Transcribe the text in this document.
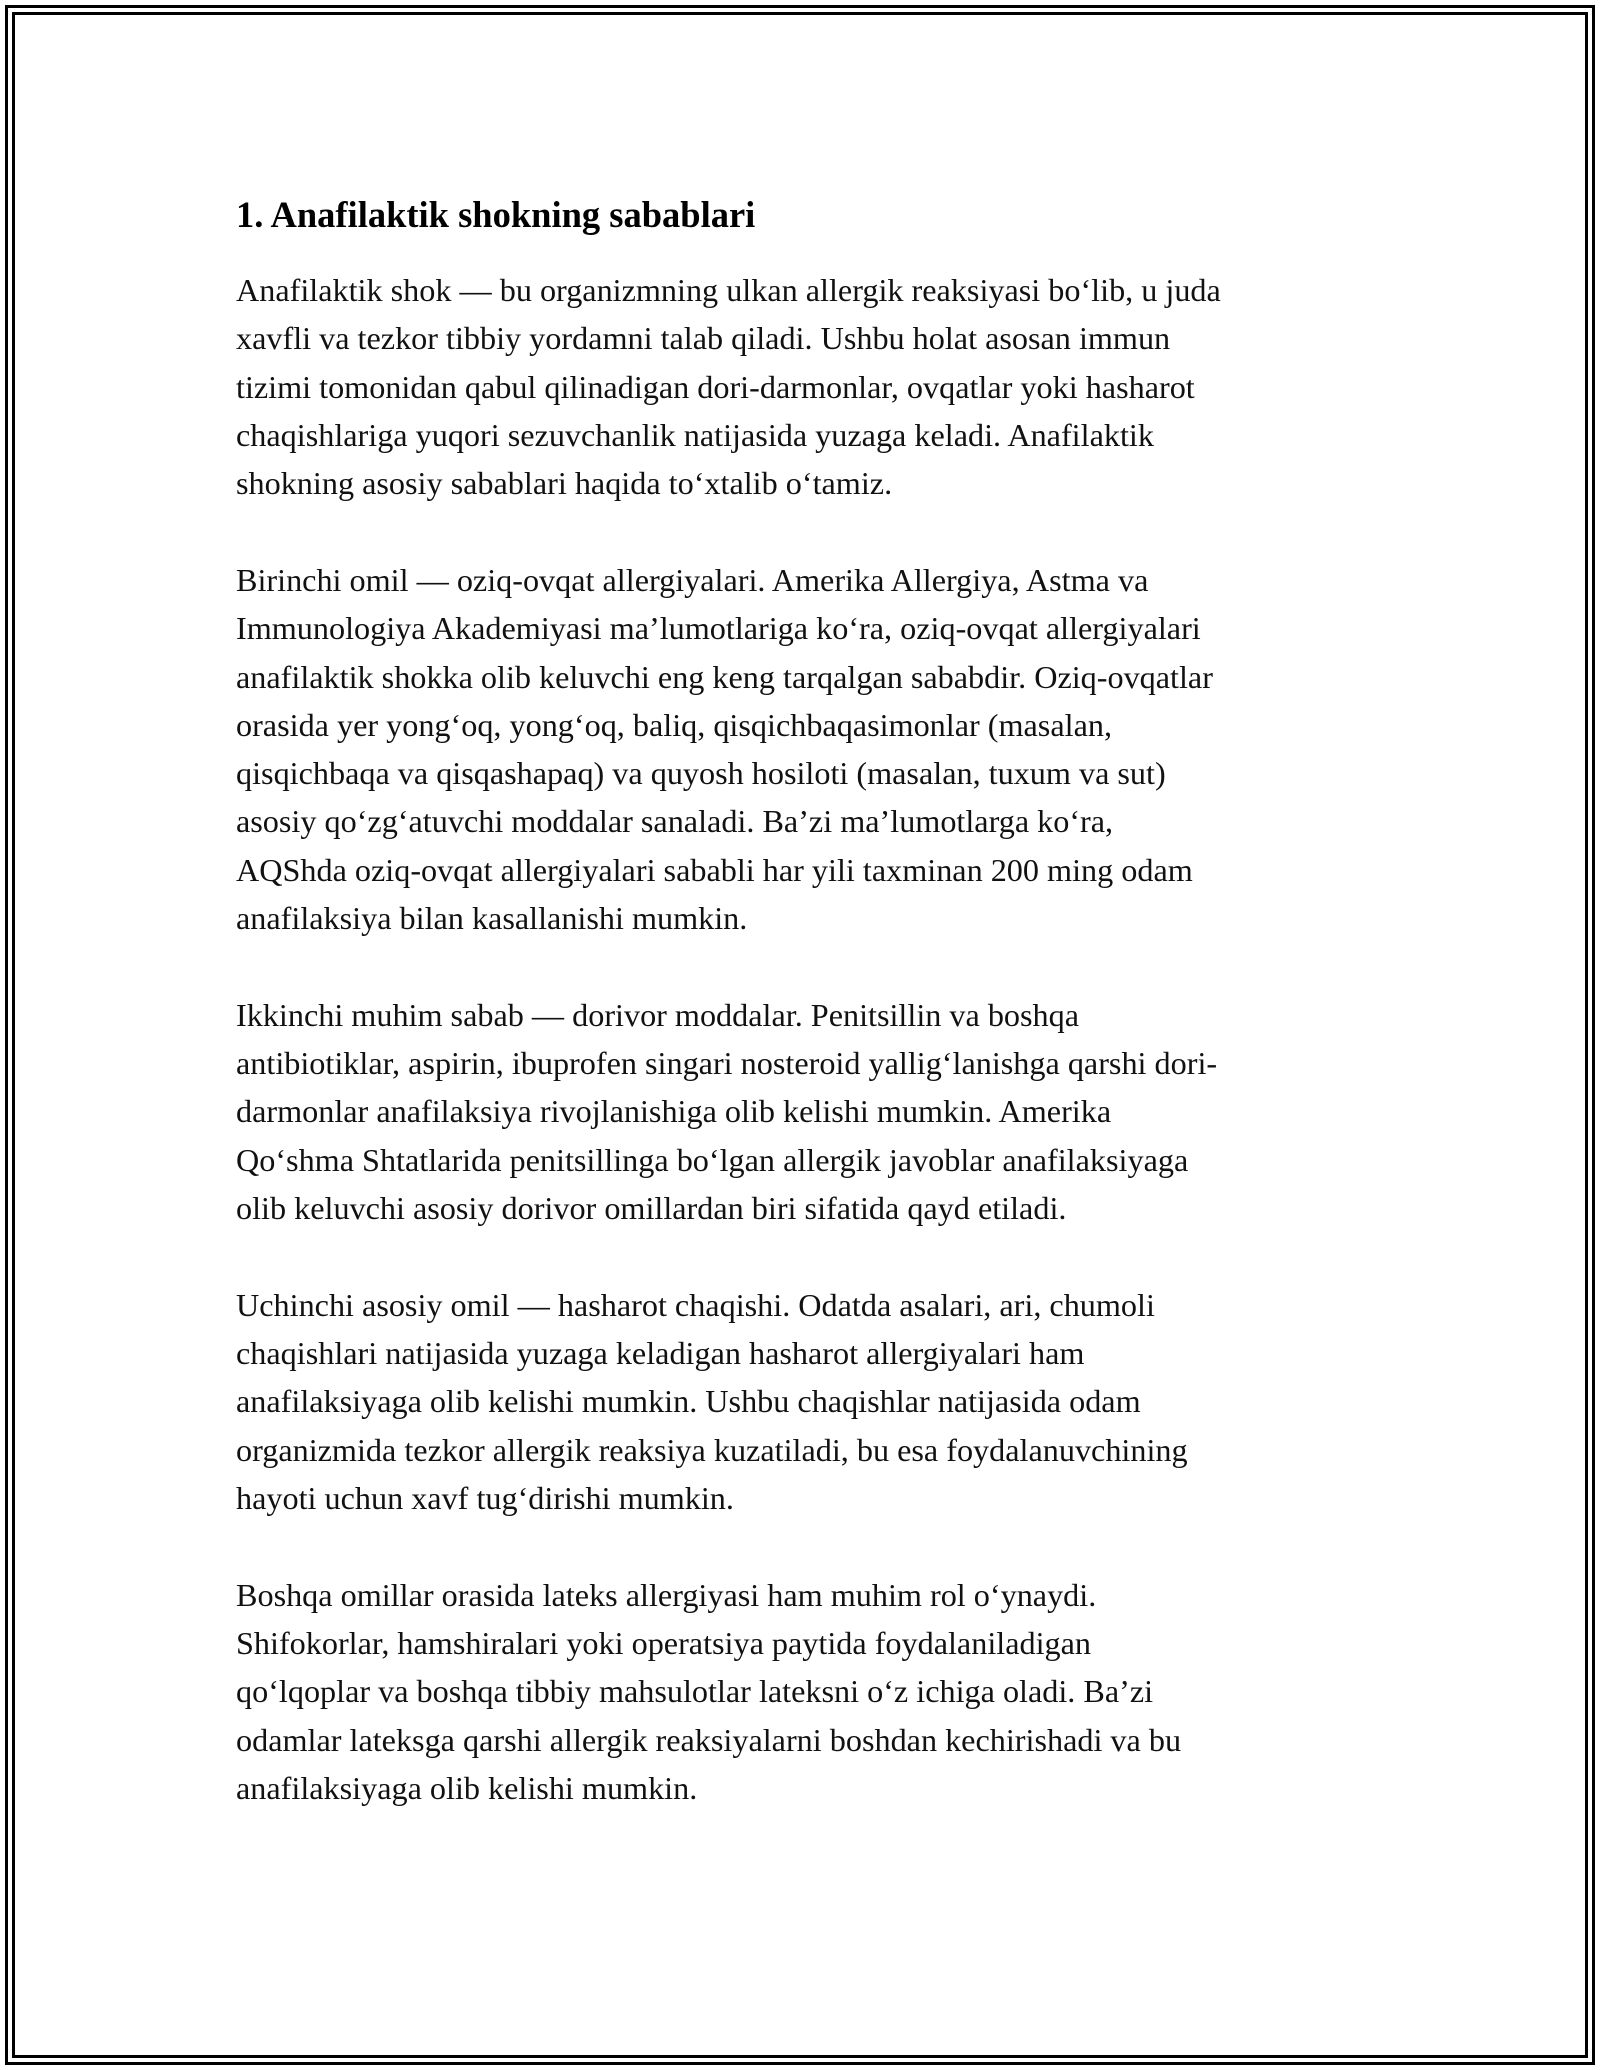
1. Anafilaktik shokning sabablari
Anafilaktik shok — bu organizmning ulkan allergik reaksiyasi bo‘lib, u juda
xavfli va tezkor tibbiy yordamni talab qiladi. Ushbu holat asosan immun
tizimi tomonidan qabul qilinadigan dori-darmonlar, ovqatlar yoki hasharot
chaqishlariga yuqori sezuvchanlik natijasida yuzaga keladi. Anafilaktik
shokning asosiy sabablari haqida to‘xtalib o‘tamiz.
Birinchi omil — oziq-ovqat allergiyalari. Amerika Allergiya, Astma va
Immunologiya Akademiyasi ma’lumotlariga ko‘ra, oziq-ovqat allergiyalari
anafilaktik shokka olib keluvchi eng keng tarqalgan sababdir. Oziq-ovqatlar
orasida yer yong‘oq, yong‘oq, baliq, qisqichbaqasimonlar (masalan,
qisqichbaqa va qisqashapaq) va quyosh hosiloti (masalan, tuxum va sut)
asosiy qo‘zg‘atuvchi moddalar sanaladi. Ba’zi ma’lumotlarga ko‘ra,
AQShda oziq-ovqat allergiyalari sababli har yili taxminan 200 ming odam
anafilaksiya bilan kasallanishi mumkin.
Ikkinchi muhim sabab — dorivor moddalar. Penitsillin va boshqa
antibiotiklar, aspirin, ibuprofen singari nosteroid yallig‘lanishga qarshi dori-
darmonlar anafilaksiya rivojlanishiga olib kelishi mumkin. Amerika
Qo‘shma Shtatlarida penitsillinga bo‘lgan allergik javoblar anafilaksiyaga
olib keluvchi asosiy dorivor omillardan biri sifatida qayd etiladi.
Uchinchi asosiy omil — hasharot chaqishi. Odatda asalari, ari, chumoli
chaqishlari natijasida yuzaga keladigan hasharot allergiyalari ham
anafilaksiyaga olib kelishi mumkin. Ushbu chaqishlar natijasida odam
organizmida tezkor allergik reaksiya kuzatiladi, bu esa foydalanuvchining
hayoti uchun xavf tug‘dirishi mumkin.
Boshqa omillar orasida lateks allergiyasi ham muhim rol o‘ynaydi.
Shifokorlar, hamshiralari yoki operatsiya paytida foydalaniladigan
qo‘lqoplar va boshqa tibbiy mahsulotlar lateksni o‘z ichiga oladi. Ba’zi
odamlar lateksga qarshi allergik reaksiyalarni boshdan kechirishadi va bu
anafilaksiyaga olib kelishi mumkin.
